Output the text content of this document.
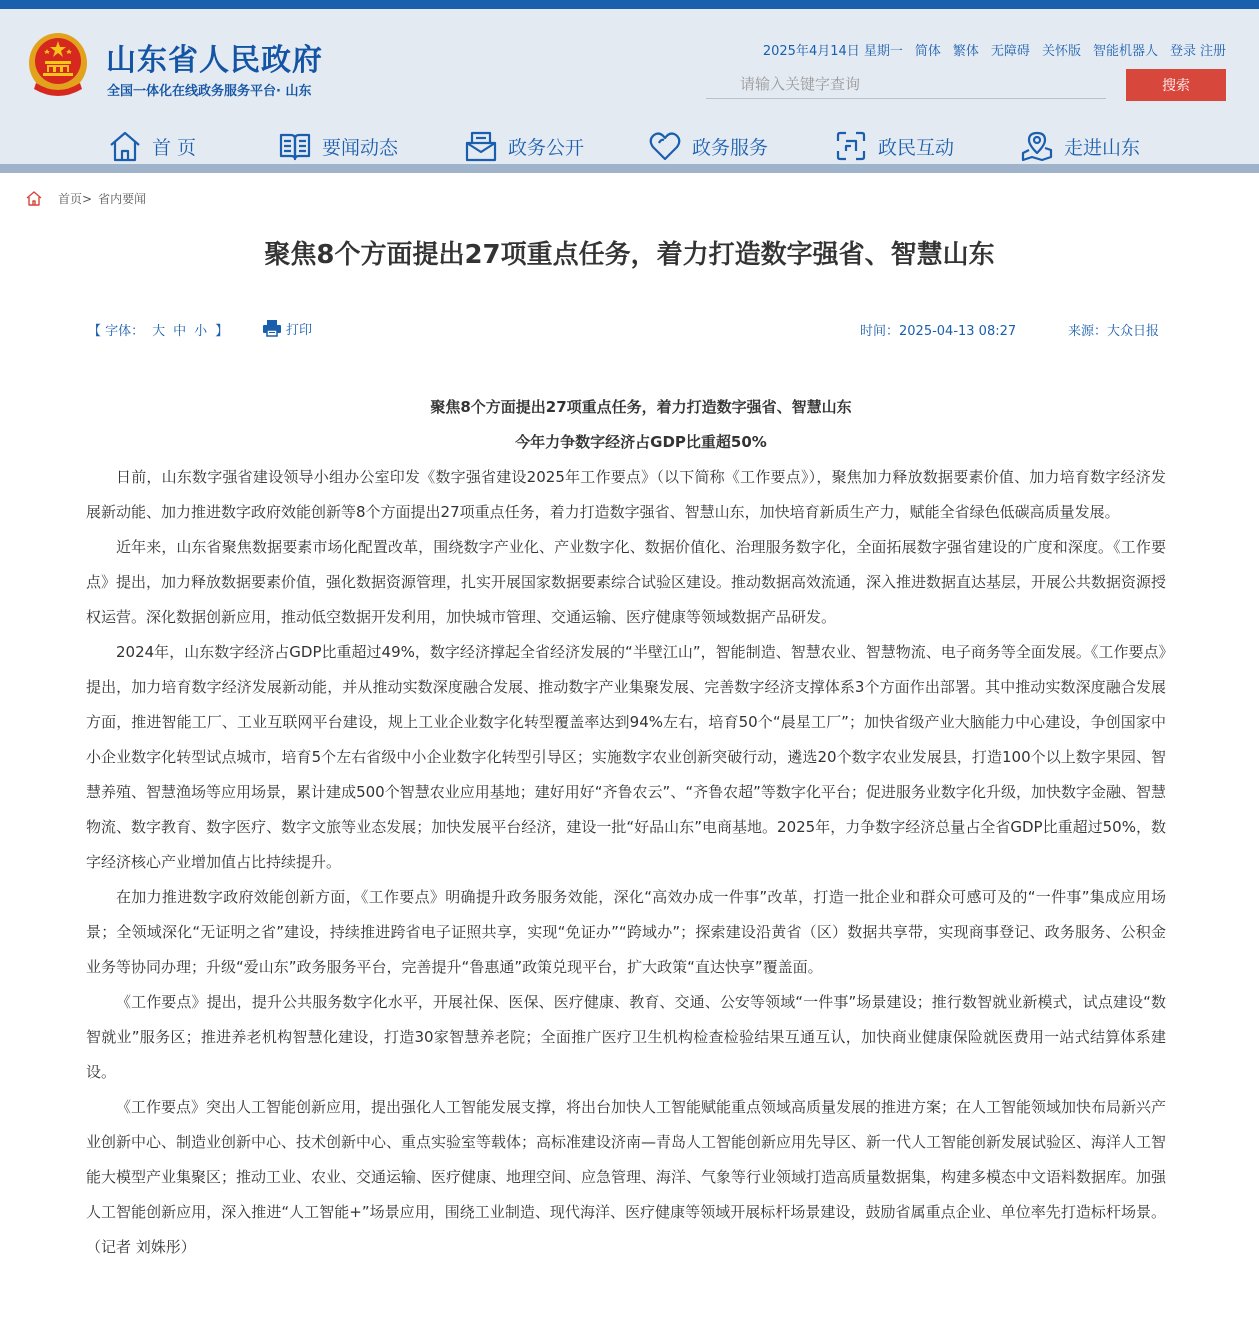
山东省人民政府
全国一体化在线政务服务平台· 山东
2025年4月14日 星期一 简体 繁体 无障碍 关怀版 智能机器人 登录 注册
请输入关键字查询
搜索
首 页	要闻动态	政务公开	政务服务	政民互动	走进山东
首页> 省内要闻
聚焦8个方面提出27项重点任务，着力打造数字强省、智慧山东
【 字体： 大 中 小 】	打印	时间：2025-04-13 08:27	来源：大众日报

聚焦8个方面提出27项重点任务，着力打造数字强省、智慧山东

今年力争数字经济占GDP比重超50%

日前，山东数字强省建设领导小组办公室印发《数字强省建设2025年工作要点》（以下简称《工作要点》），聚焦加力释放数据要素价值、加力培育数字经济发展新动能、加力推进数字政府效能创新等8个方面提出27项重点任务，着力打造数字强省、智慧山东，加快培育新质生产力，赋能全省绿色低碳高质量发展。

近年来，山东省聚焦数据要素市场化配置改革，围绕数字产业化、产业数字化、数据价值化、治理服务数字化，全面拓展数字强省建设的广度和深度。《工作要点》提出，加力释放数据要素价值，强化数据资源管理，扎实开展国家数据要素综合试验区建设。推动数据高效流通，深入推进数据直达基层，开展公共数据资源授权运营。深化数据创新应用，推动低空数据开发利用，加快城市管理、交通运输、医疗健康等领域数据产品研发。

2024年，山东数字经济占GDP比重超过49%，数字经济撑起全省经济发展的“半壁江山”，智能制造、智慧农业、智慧物流、电子商务等全面发展。《工作要点》提出，加力培育数字经济发展新动能，并从推动实数深度融合发展、推动数字产业集聚发展、完善数字经济支撑体系3个方面作出部署。其中推动实数深度融合发展方面，推进智能工厂、工业互联网平台建设，规上工业企业数字化转型覆盖率达到94%左右，培育50个“晨星工厂”；加快省级产业大脑能力中心建设，争创国家中小企业数字化转型试点城市，培育5个左右省级中小企业数字化转型引导区；实施数字农业创新突破行动，遴选20个数字农业发展县，打造100个以上数字果园、智慧养殖、智慧渔场等应用场景，累计建成500个智慧农业应用基地；建好用好“齐鲁农云”、“齐鲁农超”等数字化平台；促进服务业数字化升级，加快数字金融、智慧物流、数字教育、数字医疗、数字文旅等业态发展；加快发展平台经济，建设一批“好品山东”电商基地。2025年，力争数字经济总量占全省GDP比重超过50%，数字经济核心产业增加值占比持续提升。

在加力推进数字政府效能创新方面，《工作要点》明确提升政务服务效能，深化“高效办成一件事”改革，打造一批企业和群众可感可及的“一件事”集成应用场景；全领域深化“无证明之省”建设，持续推进跨省电子证照共享，实现“免证办”“跨域办”；探索建设沿黄省（区）数据共享带，实现商事登记、政务服务、公积金业务等协同办理；升级“爱山东”政务服务平台，完善提升“鲁惠通”政策兑现平台，扩大政策“直达快享”覆盖面。

《工作要点》提出，提升公共服务数字化水平，开展社保、医保、医疗健康、教育、交通、公安等领域“一件事”场景建设；推行数智就业新模式，试点建设“数智就业”服务区；推进养老机构智慧化建设，打造30家智慧养老院；全面推广医疗卫生机构检查检验结果互通互认，加快商业健康保险就医费用一站式结算体系建设。

《工作要点》突出人工智能创新应用，提出强化人工智能发展支撑，将出台加快人工智能赋能重点领域高质量发展的推进方案；在人工智能领域加快布局新兴产业创新中心、制造业创新中心、技术创新中心、重点实验室等载体；高标准建设济南—青岛人工智能创新应用先导区、新一代人工智能创新发展试验区、海洋人工智能大模型产业集聚区；推动工业、农业、交通运输、医疗健康、地理空间、应急管理、海洋、气象等行业领域打造高质量数据集，构建多模态中文语料数据库。加强人工智能创新应用，深入推进“人工智能+”场景应用，围绕工业制造、现代海洋、医疗健康等领域开展标杆场景建设，鼓励省属重点企业、单位率先打造标杆场景。（记者 刘姝彤）
